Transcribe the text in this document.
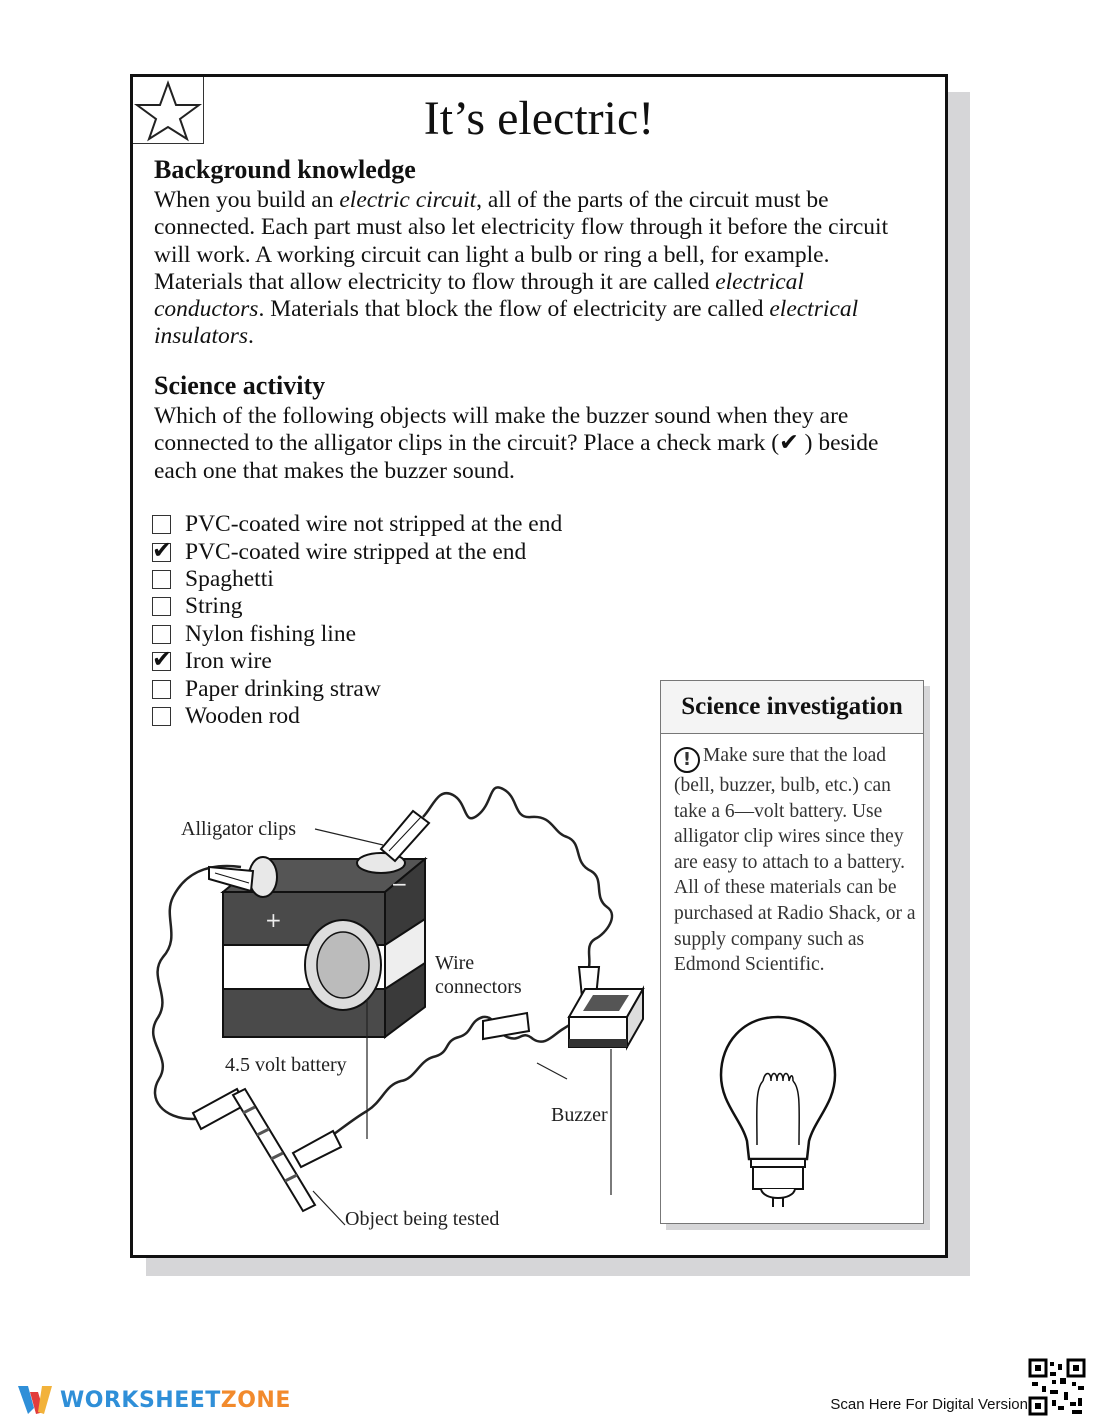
It’s electric!
Background knowledge

When you build an electric circuit, all of the parts of the circuit must be connected. Each part must also let electricity flow through it before the circuit will work. A working circuit can light a bulb or ring a bell, for example. Materials that allow electricity to flow through it are called electrical conductors. Materials that block the flow of electricity are called electrical insulators.

Science activity

Which of the following objects will make the buzzer sound when they are connected to the alligator clips in the circuit? Place a check mark (✔ ) beside each one that makes the buzzer sound.

PVC-coated wire not stripped at the end
✔ PVC-coated wire stripped at the end
Spaghetti
String
Nylon fishing line
✔ Iron wire
Paper drinking straw
Wooden rod
+
−
Alligator clips
Wire
connectors
4.5 volt battery
Buzzer
Object being tested
Science investigation
! Make sure that the load (bell, buzzer, bulb, etc.) can take a 6—volt battery. Use alligator clip wires since they are easy to attach to a battery. All of these materials can be purchased at Radio Shack, or a supply company such as Edmond Scientific.
WORKSHEET ZONE	Scan Here For Digital Version
